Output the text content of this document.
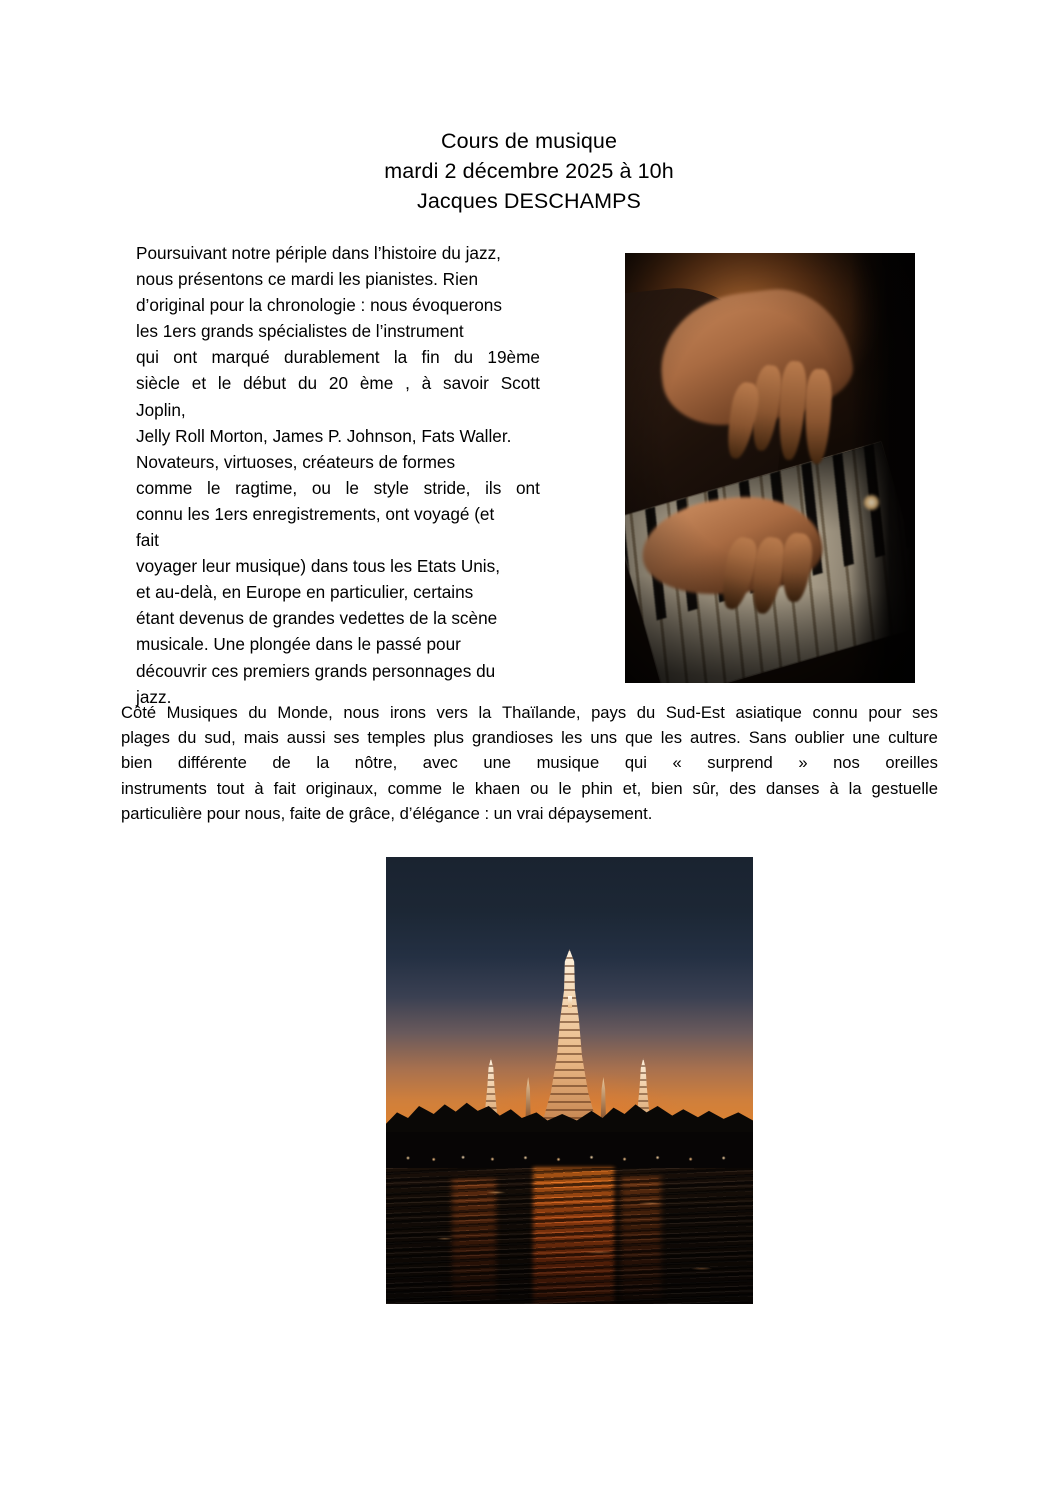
Cours de musique
mardi 2 décembre 2025 à 10h
Jacques DESCHAMPS
Poursuivant notre périple dans l’histoire du jazz,
nous présentons ce mardi les pianistes. Rien
d’original pour la chronologie : nous évoquerons
les 1ers grands spécialistes de l’instrument
qui ont marqué durablement la fin du 19ème
siècle et le début du 20 ème , à savoir Scott
Joplin,
Jelly Roll Morton, James P. Johnson, Fats Waller.
Novateurs, virtuoses, créateurs de formes
comme le ragtime, ou le style stride, ils ont
connu les 1ers enregistrements, ont voyagé (et
fait
voyager leur musique) dans tous les Etats Unis,
et au-delà, en Europe en particulier, certains
étant devenus de grandes vedettes de la scène
musicale. Une plongée dans le passé pour
découvrir ces premiers grands personnages du
jazz.
Côté Musiques du Monde, nous irons vers la Thaïlande, pays du Sud-Est asiatique connu pour ses
plages du sud, mais aussi ses temples plus grandioses les uns que les autres. Sans oublier une culture
bien différente de la nôtre, avec une musique qui « surprend » nos oreilles
instruments tout à fait originaux, comme le khaen ou le phin et, bien sûr, des danses à la gestuelle
particulière pour nous, faite de grâce, d’élégance : un vrai dépaysement.
